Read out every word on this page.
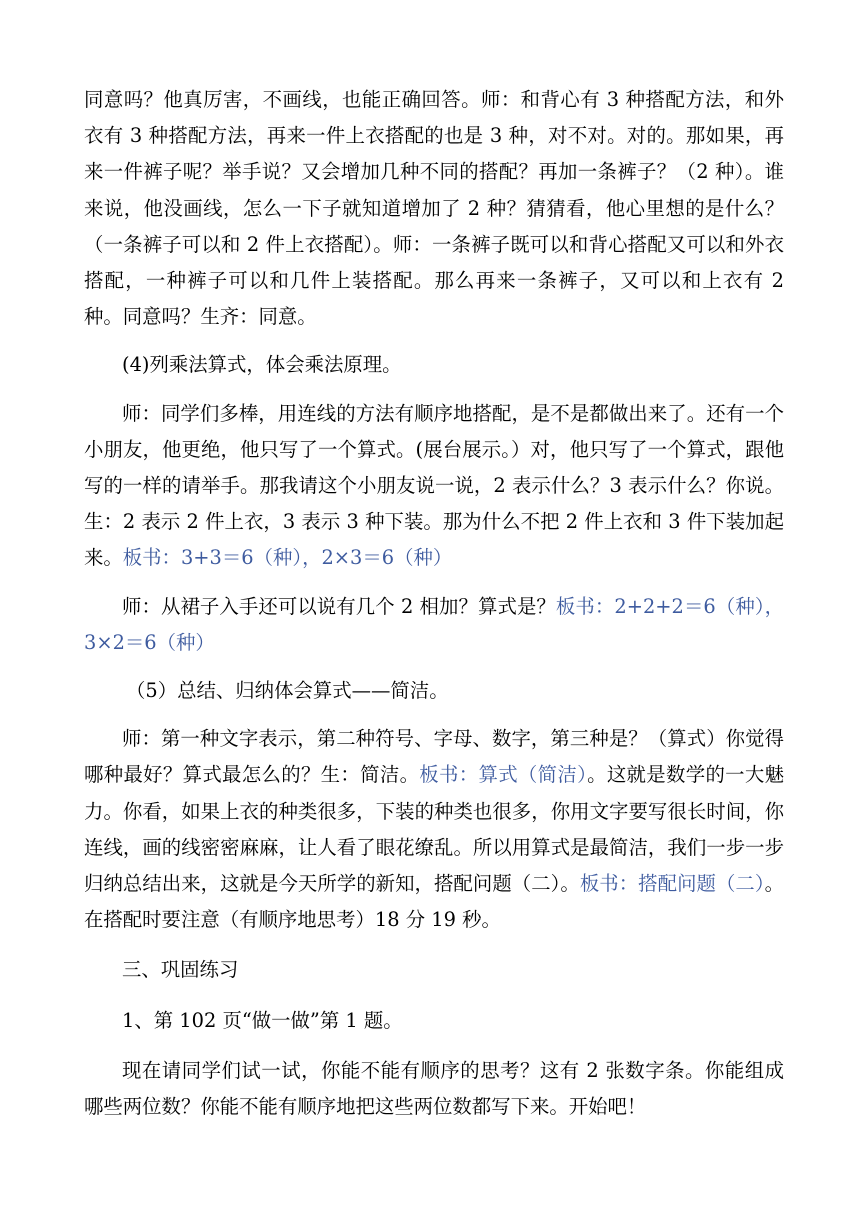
同意吗？他真厉害，不画线，也能正确回答。师：和背心有 3 种搭配方法，和外衣有 3 种搭配方法，再来一件上衣搭配的也是 3 种，对不对。对的。那如果，再来一件裤子呢？举手说？又会增加几种不同的搭配？再加一条裤子？（2 种）。谁来说，他没画线，怎么一下子就知道增加了 2 种？猜猜看，他心里想的是什么？（一条裤子可以和 2 件上衣搭配）。师：一条裤子既可以和背心搭配又可以和外衣搭配，一种裤子可以和几件上装搭配。那么再来一条裤子，又可以和上衣有 2 种。同意吗？生齐：同意。

(4)列乘法算式，体会乘法原理。

师：同学们多棒，用连线的方法有顺序地搭配，是不是都做出来了。还有一个小朋友，他更绝，他只写了一个算式。(展台展示。）对，他只写了一个算式，跟他写的一样的请举手。那我请这个小朋友说一说，2 表示什么？3 表示什么？你说。生：2 表示 2 件上衣，3 表示 3 种下装。那为什么不把 2 件上衣和 3 件下装加起来。板书：3+3＝6（种），2×3＝6（种）

师：从裙子入手还可以说有几个 2 相加？算式是？板书：2+2+2＝6（种），3×2＝6（种）

（5）总结、归纳体会算式——简洁。

师：第一种文字表示，第二种符号、字母、数字，第三种是？（算式）你觉得哪种最好？算式最怎么的？生：简洁。板书：算式（简洁）。这就是数学的一大魅力。你看，如果上衣的种类很多，下装的种类也很多，你用文字要写很长时间，你连线，画的线密密麻麻，让人看了眼花缭乱。所以用算式是最简洁，我们一步一步归纳总结出来，这就是今天所学的新知，搭配问题（二）。板书：搭配问题（二）。在搭配时要注意（有顺序地思考）18 分 19 秒。

三、巩固练习

1、第 102 页“做一做”第 1 题。

现在请同学们试一试，你能不能有顺序的思考？这有 2 张数字条。你能组成哪些两位数？你能不能有顺序地把这些两位数都写下来。开始吧！
